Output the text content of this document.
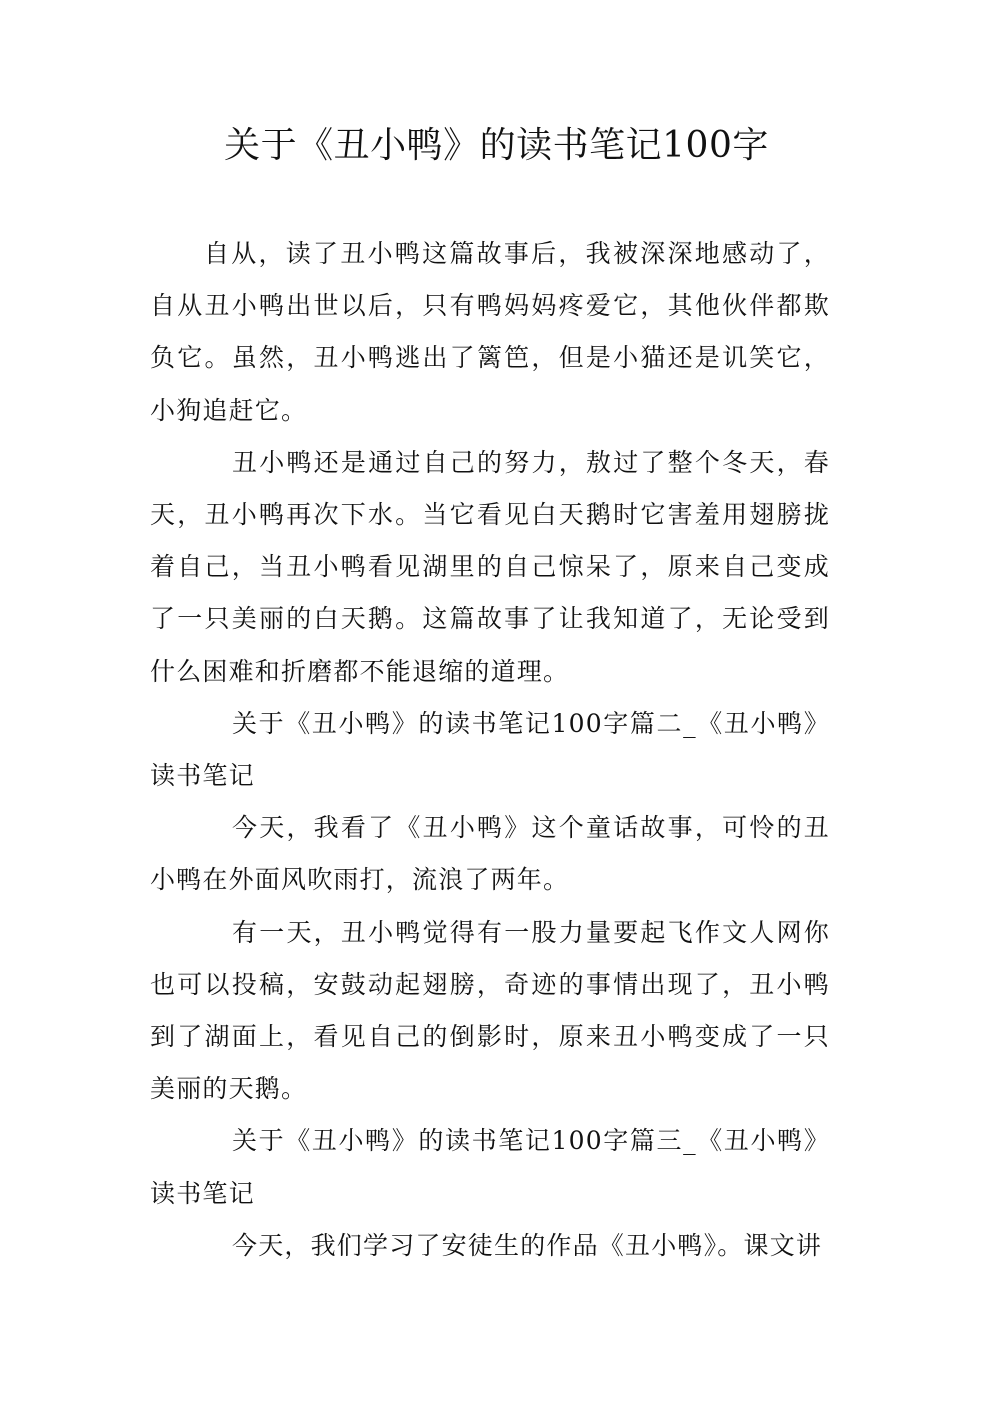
关于《丑小鸭》的读书笔记100字

自从，读了丑小鸭这篇故事后，我被深深地感动了，自从丑小鸭出世以后，只有鸭妈妈疼爱它，其他伙伴都欺负它。虽然，丑小鸭逃出了篱笆，但是小猫还是讥笑它，小狗追赶它。

丑小鸭还是通过自己的努力，敖过了整个冬天，春天，丑小鸭再次下水。当它看见白天鹅时它害羞用翅膀拢着自己，当丑小鸭看见湖里的自己惊呆了，原来自己变成了一只美丽的白天鹅。这篇故事了让我知道了，无论受到什么困难和折磨都不能退缩的道理。

关于《丑小鸭》的读书笔记100字篇二_《丑小鸭》读书笔记

今天，我看了《丑小鸭》这个童话故事，可怜的丑小鸭在外面风吹雨打，流浪了两年。

有一天，丑小鸭觉得有一股力量要起飞作文人网你也可以投稿，安鼓动起翅膀，奇迹的事情出现了，丑小鸭到了湖面上，看见自己的倒影时，原来丑小鸭变成了一只美丽的天鹅。

关于《丑小鸭》的读书笔记100字篇三_《丑小鸭》读书笔记

今天，我们学习了安徒生的作品《丑小鸭》。课文讲
